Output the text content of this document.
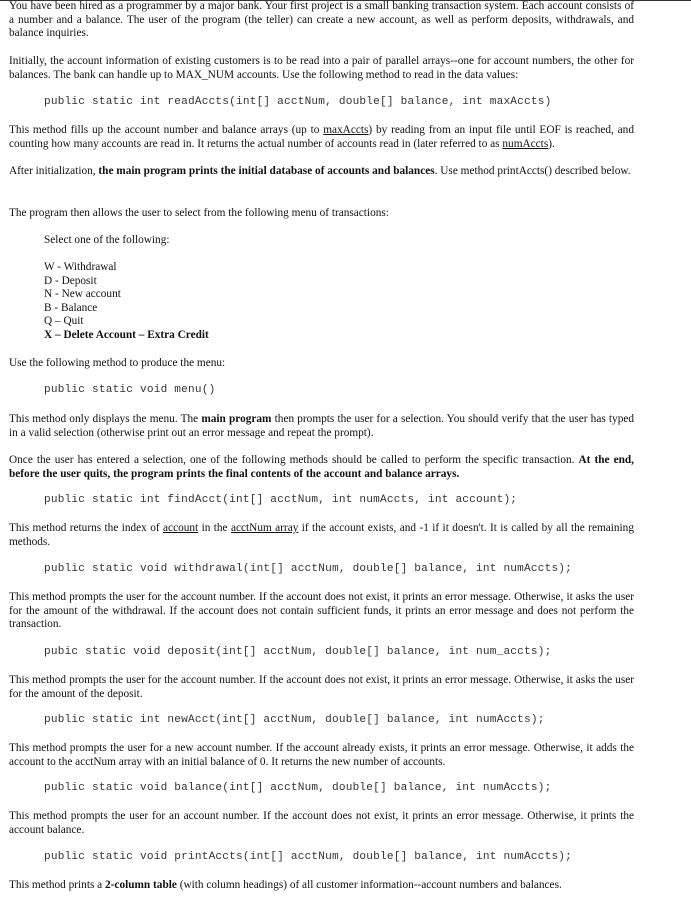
You have been hired as a programmer by a major bank. Your first project is a small banking transaction system. Each account consists of a number and a balance. The user of the program (the teller) can create a new account, as well as perform deposits, withdrawals, and balance inquiries.

Initially, the account information of existing customers is to be read into a pair of parallel arrays--one for account numbers, the other for balances. The bank can handle up to MAX_NUM accounts. Use the following method to read in the data values:

public static int readAccts(int[] acctNum, double[] balance, int maxAccts)

This method fills up the account number and balance arrays (up to maxAccts) by reading from an input file until EOF is reached, and counting how many accounts are read in. It returns the actual number of accounts read in (later referred to as numAccts).

After initialization, the main program prints the initial database of accounts and balances. Use method printAccts() described below.

The program then allows the user to select from the following menu of transactions:

Select one of the following:

W - Withdrawal
D - Deposit
N - New account
B - Balance
Q – Quit
X – Delete Account – Extra Credit

Use the following method to produce the menu:

public static void menu()

This method only displays the menu. The main program then prompts the user for a selection. You should verify that the user has typed in a valid selection (otherwise print out an error message and repeat the prompt).

Once the user has entered a selection, one of the following methods should be called to perform the specific transaction. At the end, before the user quits, the program prints the final contents of the account and balance arrays.

public static int findAcct(int[] acctNum, int numAccts, int account);

This method returns the index of account in the acctNum array if the account exists, and -1 if it doesn't. It is called by all the remaining methods.

public static void withdrawal(int[] acctNum, double[] balance, int numAccts);

This method prompts the user for the account number. If the account does not exist, it prints an error message. Otherwise, it asks the user for the amount of the withdrawal. If the account does not contain sufficient funds, it prints an error message and does not perform the transaction.

pubic static void deposit(int[] acctNum, double[] balance, int num_accts);

This method prompts the user for the account number. If the account does not exist, it prints an error message. Otherwise, it asks the user for the amount of the deposit.

public static int newAcct(int[] acctNum, double[] balance, int numAccts);

This method prompts the user for a new account number. If the account already exists, it prints an error message. Otherwise, it adds the account to the acctNum array with an initial balance of 0. It returns the new number of accounts.

public static void balance(int[] acctNum, double[] balance, int numAccts);

This method prompts the user for an account number. If the account does not exist, it prints an error message. Otherwise, it prints the account balance.

public static void printAccts(int[] acctNum, double[] balance, int numAccts);

This method prints a 2-column table (with column headings) of all customer information--account numbers and balances.
